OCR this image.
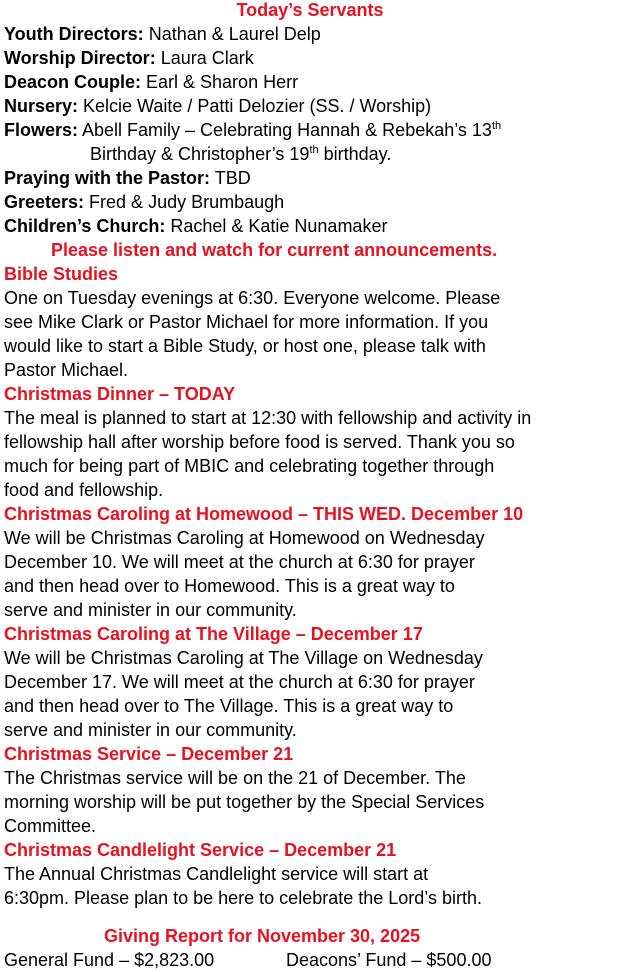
Today’s Servants
Youth Directors: Nathan & Laurel Delp
Worship Director: Laura Clark
Deacon Couple: Earl & Sharon Herr
Nursery: Kelcie Waite / Patti Delozier (SS. / Worship)
Flowers: Abell Family – Celebrating Hannah & Rebekah’s 13th
Birthday & Christopher’s 19th birthday.
Praying with the Pastor: TBD
Greeters: Fred & Judy Brumbaugh
Children’s Church: Rachel & Katie Nunamaker
Please listen and watch for current announcements.
Bible Studies
One on Tuesday evenings at 6:30. Everyone welcome. Please
see Mike Clark or Pastor Michael for more information. If you
would like to start a Bible Study, or host one, please talk with
Pastor Michael.
Christmas Dinner – TODAY
The meal is planned to start at 12:30 with fellowship and activity in
fellowship hall after worship before food is served. Thank you so
much for being part of MBIC and celebrating together through
food and fellowship.
Christmas Caroling at Homewood – THIS WED. December 10
We will be Christmas Caroling at Homewood on Wednesday
December 10. We will meet at the church at 6:30 for prayer
and then head over to Homewood. This is a great way to
serve and minister in our community.
Christmas Caroling at The Village – December 17
We will be Christmas Caroling at The Village on Wednesday
December 17. We will meet at the church at 6:30 for prayer
and then head over to The Village. This is a great way to
serve and minister in our community.
Christmas Service – December 21
The Christmas service will be on the 21 of December. The
morning worship will be put together by the Special Services
Committee.
Christmas Candlelight Service – December 21
The Annual Christmas Candlelight service will start at
6:30pm. Please plan to be here to celebrate the Lord’s birth.
Giving Report for November 30, 2025
General Fund – $2,823.00	Deacons’ Fund – $500.00
